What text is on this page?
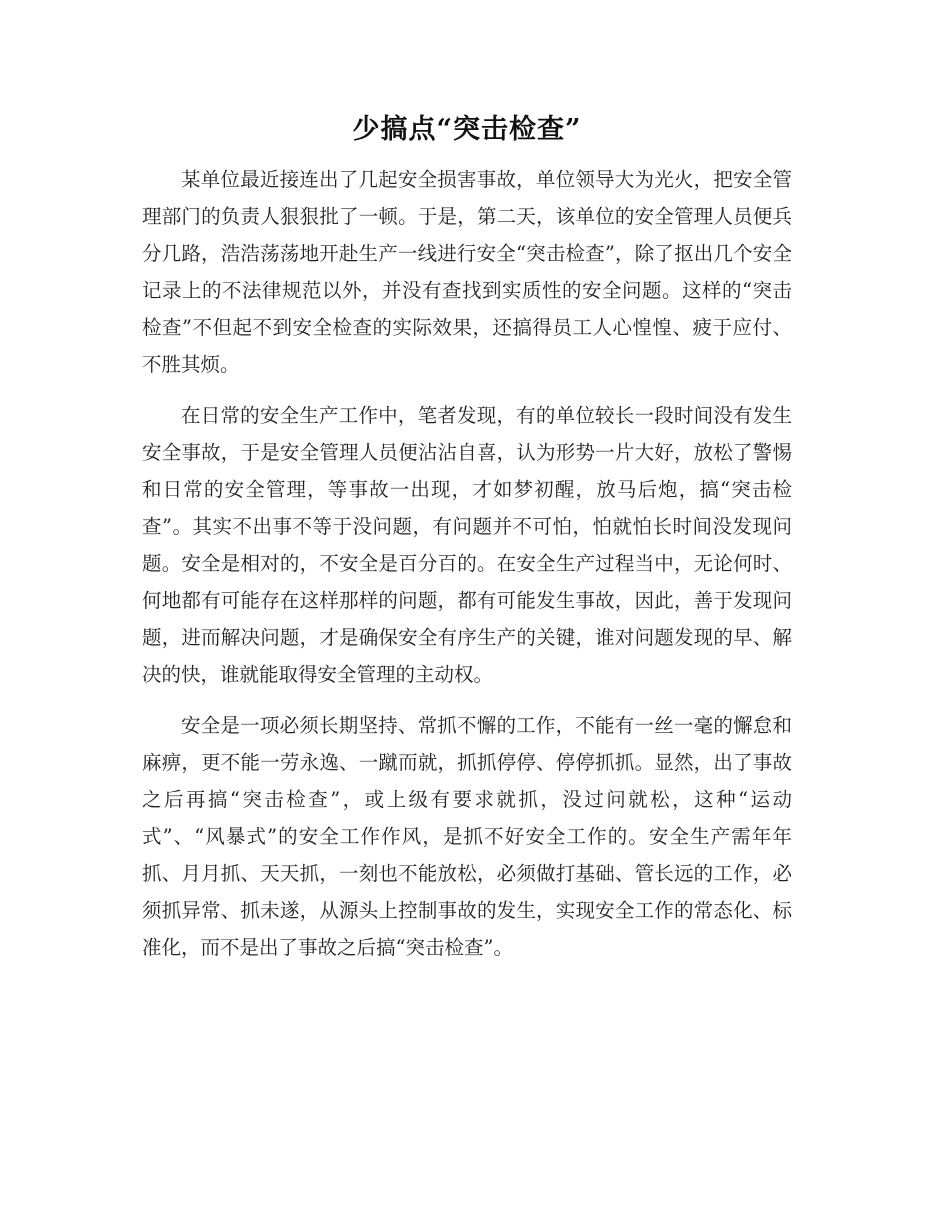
少搞点“突击检查”

某单位最近接连出了几起安全损害事故，单位领导大为光火，把安全管理部门的负责人狠狠批了一顿。于是，第二天，该单位的安全管理人员便兵分几路，浩浩荡荡地开赴生产一线进行安全“突击检查”，除了抠出几个安全记录上的不法律规范以外，并没有查找到实质性的安全问题。这样的“突击检查”不但起不到安全检查的实际效果，还搞得员工人心惶惶、疲于应付、不胜其烦。

在日常的安全生产工作中，笔者发现，有的单位较长一段时间没有发生安全事故，于是安全管理人员便沾沾自喜，认为形势一片大好，放松了警惕和日常的安全管理，等事故一出现，才如梦初醒，放马后炮，搞“突击检查”。其实不出事不等于没问题，有问题并不可怕，怕就怕长时间没发现问题。安全是相对的，不安全是百分百的。在安全生产过程当中，无论何时、何地都有可能存在这样那样的问题，都有可能发生事故，因此，善于发现问题，进而解决问题，才是确保安全有序生产的关键，谁对问题发现的早、解决的快，谁就能取得安全管理的主动权。

安全是一项必须长期坚持、常抓不懈的工作，不能有一丝一毫的懈怠和麻痹，更不能一劳永逸、一蹴而就，抓抓停停、停停抓抓。显然，出了事故之后再搞“突击检查”，或上级有要求就抓，没过问就松，这种“运动式”、“风暴式”的安全工作作风，是抓不好安全工作的。安全生产需年年抓、月月抓、天天抓，一刻也不能放松，必须做打基础、管长远的工作，必须抓异常、抓未遂，从源头上控制事故的发生，实现安全工作的常态化、标准化，而不是出了事故之后搞“突击检查”。
